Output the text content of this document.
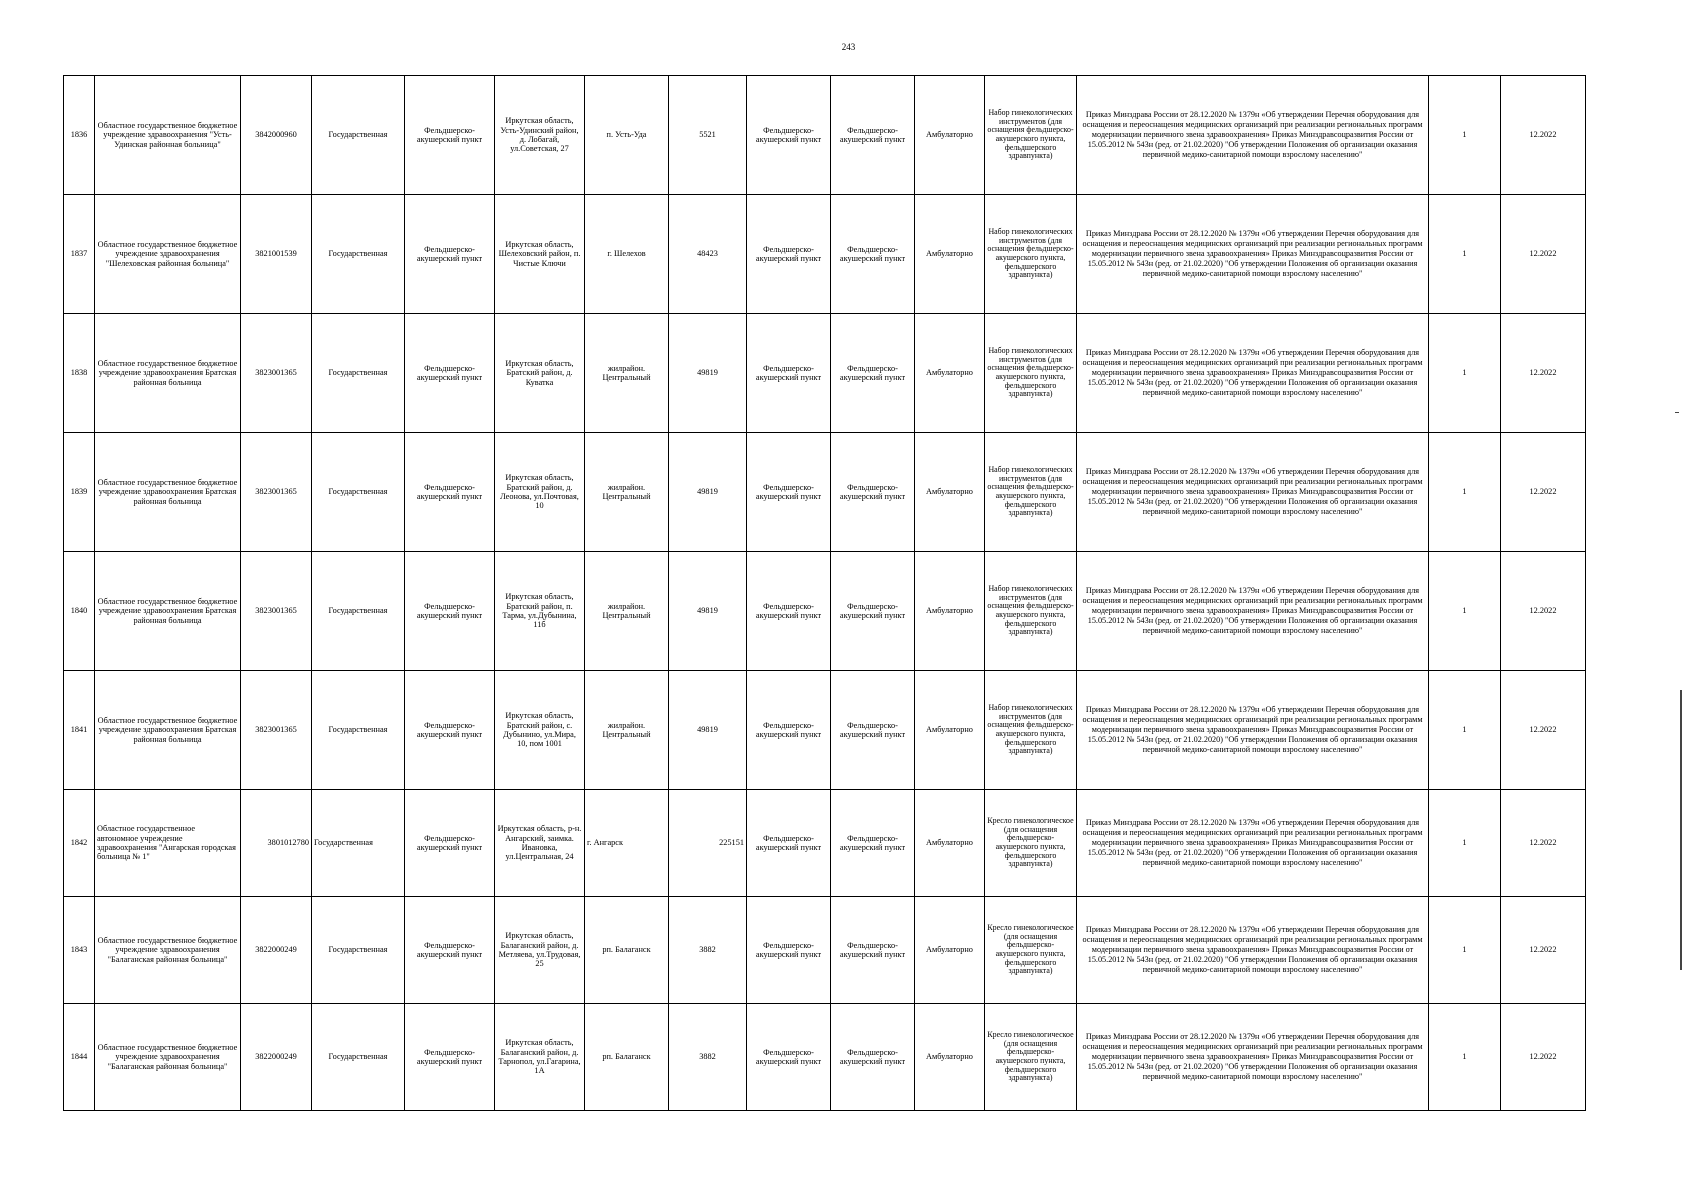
243
1836	Областное государственное бюджетное учреждение здравоохранения "Усть-Удинская районная больница"	3842000960	Государственная	Фельдшерско-акушерский пункт	Иркутская область, Усть-Удинский район, д. Лобагай, ул.Советская, 27	п. Усть-Уда	5521	Фельдшерско-акушерский пункт	Фельдшерско-акушерский пункт	Амбулаторно	Набор гинекологических инструментов (для оснащения фельдшерско-акушерского пункта, фельдшерского здравпункта)	Приказ Минздрава России от 28.12.2020 № 1379н «Об утверждении Перечня оборудования для оснащения и переоснащения медицинских организаций при реализации региональных программ модернизации первичного звена здравоохранения» Приказ Минздравсоцразвития России от 15.05.2012 № 543н (ред. от 21.02.2020) "Об утверждении Положения об организации оказания первичной медико-санитарной помощи взрослому населению"	1	12.2022
1837	Областное государственное бюджетное учреждение здравоохранения "Шелеховская районная больница"	3821001539	Государственная	Фельдшерско-акушерский пункт	Иркутская область, Шелеховский район, п. Чистые Ключи	г. Шелехов	48423	Фельдшерско-акушерский пункт	Фельдшерско-акушерский пункт	Амбулаторно	Набор гинекологических инструментов (для оснащения фельдшерско-акушерского пункта, фельдшерского здравпункта)	Приказ Минздрава России от 28.12.2020 № 1379н «Об утверждении Перечня оборудования для оснащения и переоснащения медицинских организаций при реализации региональных программ модернизации первичного звена здравоохранения» Приказ Минздравсоцразвития России от 15.05.2012 № 543н (ред. от 21.02.2020) "Об утверждении Положения об организации оказания первичной медико-санитарной помощи взрослому населению"	1	12.2022
1838	Областное государственное бюджетное учреждение здравоохранения Братская районная больница	3823001365	Государственная	Фельдшерско-акушерский пункт	Иркутская область, Братский район, д. Куватка	жилрайон. Центральный	49819	Фельдшерско-акушерский пункт	Фельдшерско-акушерский пункт	Амбулаторно	Набор гинекологических инструментов (для оснащения фельдшерско-акушерского пункта, фельдшерского здравпункта)	Приказ Минздрава России от 28.12.2020 № 1379н «Об утверждении Перечня оборудования для оснащения и переоснащения медицинских организаций при реализации региональных программ модернизации первичного звена здравоохранения» Приказ Минздравсоцразвития России от 15.05.2012 № 543н (ред. от 21.02.2020) "Об утверждении Положения об организации оказания первичной медико-санитарной помощи взрослому населению"	1	12.2022
1839	Областное государственное бюджетное учреждение здравоохранения Братская районная больница	3823001365	Государственная	Фельдшерско-акушерский пункт	Иркутская область, Братский район, д. Леонова, ул.Почтовая, 10	жилрайон. Центральный	49819	Фельдшерско-акушерский пункт	Фельдшерско-акушерский пункт	Амбулаторно	Набор гинекологических инструментов (для оснащения фельдшерско-акушерского пункта, фельдшерского здравпункта)	Приказ Минздрава России от 28.12.2020 № 1379н «Об утверждении Перечня оборудования для оснащения и переоснащения медицинских организаций при реализации региональных программ модернизации первичного звена здравоохранения» Приказ Минздравсоцразвития России от 15.05.2012 № 543н (ред. от 21.02.2020) "Об утверждении Положения об организации оказания первичной медико-санитарной помощи взрослому населению"	1	12.2022
1840	Областное государственное бюджетное учреждение здравоохранения Братская районная больница	3823001365	Государственная	Фельдшерско-акушерский пункт	Иркутская область, Братский район, п. Тарма, ул.Дубынина, 11б	жилрайон. Центральный	49819	Фельдшерско-акушерский пункт	Фельдшерско-акушерский пункт	Амбулаторно	Набор гинекологических инструментов (для оснащения фельдшерско-акушерского пункта, фельдшерского здравпункта)	Приказ Минздрава России от 28.12.2020 № 1379н «Об утверждении Перечня оборудования для оснащения и переоснащения медицинских организаций при реализации региональных программ модернизации первичного звена здравоохранения» Приказ Минздравсоцразвития России от 15.05.2012 № 543н (ред. от 21.02.2020) "Об утверждении Положения об организации оказания первичной медико-санитарной помощи взрослому населению"	1	12.2022
1841	Областное государственное бюджетное учреждение здравоохранения Братская районная больница	3823001365	Государственная	Фельдшерско-акушерский пункт	Иркутская область, Братский район, с. Дубынино, ул.Мира, 10, пом 1001	жилрайон. Центральный	49819	Фельдшерско-акушерский пункт	Фельдшерско-акушерский пункт	Амбулаторно	Набор гинекологических инструментов (для оснащения фельдшерско-акушерского пункта, фельдшерского здравпункта)	Приказ Минздрава России от 28.12.2020 № 1379н «Об утверждении Перечня оборудования для оснащения и переоснащения медицинских организаций при реализации региональных программ модернизации первичного звена здравоохранения» Приказ Минздравсоцразвития России от 15.05.2012 № 543н (ред. от 21.02.2020) "Об утверждении Положения об организации оказания первичной медико-санитарной помощи взрослому населению"	1	12.2022
1842	Областное государственное автономное учреждение здравоохранения "Ангарская городская больница № 1"	3801012780	Государственная	Фельдшерско-акушерский пункт	Иркутская область, р-н. Ангарский, заимка. Ивановка, ул.Центральная, 24	г. Ангарск	225151	Фельдшерско-акушерский пункт	Фельдшерско-акушерский пункт	Амбулаторно	Кресло гинекологическое (для оснащения фельдшерско-акушерского пункта, фельдшерского здравпункта)	Приказ Минздрава России от 28.12.2020 № 1379н «Об утверждении Перечня оборудования для оснащения и переоснащения медицинских организаций при реализации региональных программ модернизации первичного звена здравоохранения» Приказ Минздравсоцразвития России от 15.05.2012 № 543н (ред. от 21.02.2020) "Об утверждении Положения об организации оказания первичной медико-санитарной помощи взрослому населению"	1	12.2022
1843	Областное государственное бюджетное учреждение здравоохранения "Балаганская районная больница"	3822000249	Государственная	Фельдшерско-акушерский пункт	Иркутская область, Балаганский район, д. Метляева, ул.Трудовая, 25	рп. Балаганск	3882	Фельдшерско-акушерский пункт	Фельдшерско-акушерский пункт	Амбулаторно	Кресло гинекологическое (для оснащения фельдшерско-акушерского пункта, фельдшерского здравпункта)	Приказ Минздрава России от 28.12.2020 № 1379н «Об утверждении Перечня оборудования для оснащения и переоснащения медицинских организаций при реализации региональных программ модернизации первичного звена здравоохранения» Приказ Минздравсоцразвития России от 15.05.2012 № 543н (ред. от 21.02.2020) "Об утверждении Положения об организации оказания первичной медико-санитарной помощи взрослому населению"	1	12.2022
1844	Областное государственное бюджетное учреждение здравоохранения "Балаганская районная больница"	3822000249	Государственная	Фельдшерско-акушерский пункт	Иркутская область, Балаганский район, д. Тарнопол, ул.Гагарина, 1А	рп. Балаганск	3882	Фельдшерско-акушерский пункт	Фельдшерско-акушерский пункт	Амбулаторно	Кресло гинекологическое (для оснащения фельдшерско-акушерского пункта, фельдшерского здравпункта)	Приказ Минздрава России от 28.12.2020 № 1379н «Об утверждении Перечня оборудования для оснащения и переоснащения медицинских организаций при реализации региональных программ модернизации первичного звена здравоохранения» Приказ Минздравсоцразвития России от 15.05.2012 № 543н (ред. от 21.02.2020) "Об утверждении Положения об организации оказания первичной медико-санитарной помощи взрослому населению"	1	12.2022
